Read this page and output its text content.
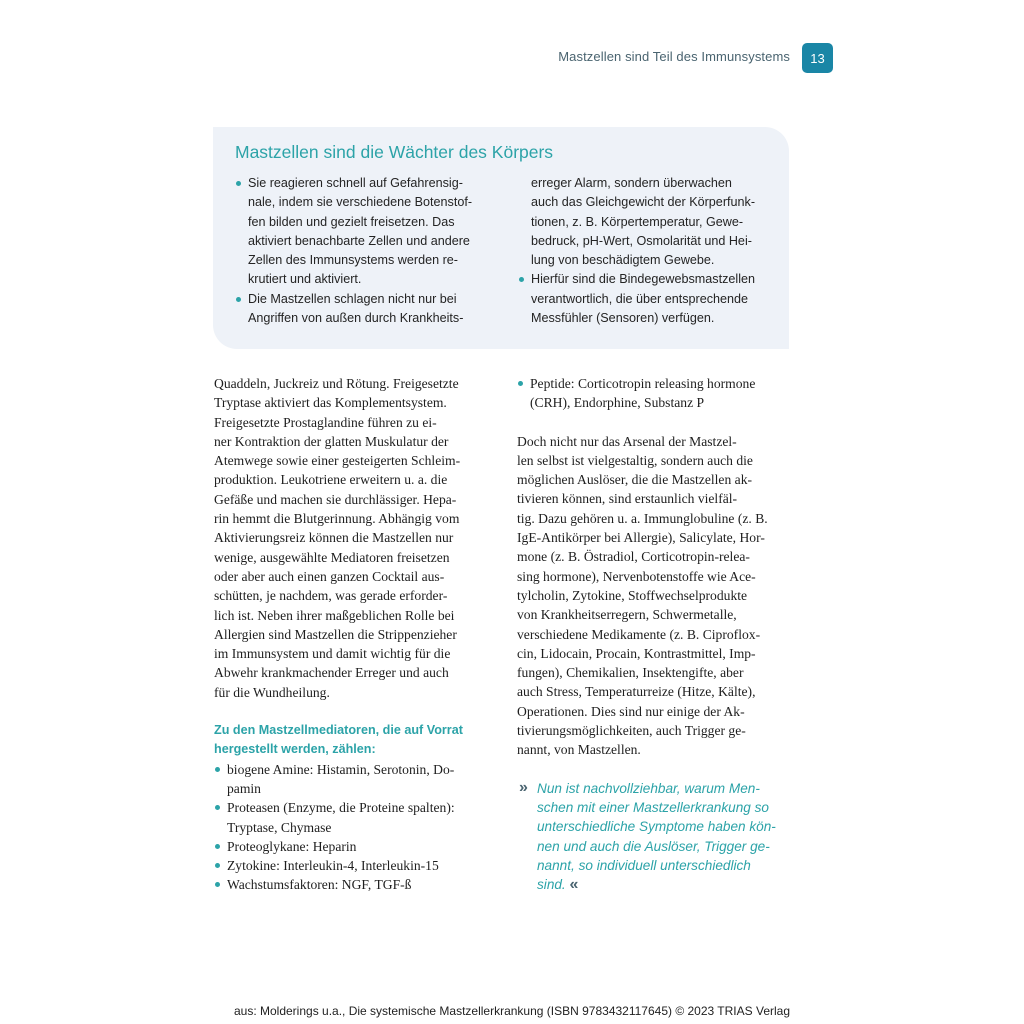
Mastzellen sind Teil des Immunsystems	13
Mastzellen sind die Wächter des Körpers
Sie reagieren schnell auf Gefahrensig-
nale, indem sie verschiedene Botenstof-
fen bilden und gezielt freisetzen. Das
aktiviert benachbarte Zellen und andere
Zellen des Immunsystems werden re-
krutiert und aktiviert.
Die Mastzellen schlagen nicht nur bei
Angriffen von außen durch Krankheits-
erreger Alarm, sondern überwachen
auch das Gleichgewicht der Körperfunk-
tionen, z. B. Körpertemperatur, Gewe-
bedruck, pH-Wert, Osmolarität und Hei-
lung von beschädigtem Gewebe.
Hierfür sind die Bindegewebsmastzellen
verantwortlich, die über entsprechende
Messfühler (Sensoren) verfügen.

Quaddeln, Juckreiz und Rötung. Freigesetzte
Tryptase aktiviert das Komplementsystem.
Freigesetzte Prostaglandine führen zu ei-
ner Kontraktion der glatten Muskulatur der
Atemwege sowie einer gesteigerten Schleim-
produktion. Leukotriene erweitern u. a. die
Gefäße und machen sie durchlässiger. Hepa-
rin hemmt die Blutgerinnung. Abhängig vom
Aktivierungsreiz können die Mastzellen nur
wenige, ausgewählte Mediatoren freisetzen
oder aber auch einen ganzen Cocktail aus-
schütten, je nachdem, was gerade erforder-
lich ist. Neben ihrer maßgeblichen Rolle bei
Allergien sind Mastzellen die Strippenzieher
im Immunsystem und damit wichtig für die
Abwehr krankmachender Erreger und auch
für die Wundheilung.

Zu den Mastzellmediatoren, die auf Vorrat
hergestellt werden, zählen:
biogene Amine: Histamin, Serotonin, Do-
pamin
Proteasen (Enzyme, die Proteine spalten):
Tryptase, Chymase
Proteoglykane: Heparin
Zytokine: Interleukin-4, Interleukin-15
Wachstumsfaktoren: NGF, TGF-ß
Peptide: Corticotropin releasing hormone
(CRH), Endorphine, Substanz P

Doch nicht nur das Arsenal der Mastzel-
len selbst ist vielgestaltig, sondern auch die
möglichen Auslöser, die die Mastzellen ak-
tivieren können, sind erstaunlich vielfäl-
tig. Dazu gehören u. a. Immunglobuline (z. B.
IgE-Antikörper bei Allergie), Salicylate, Hor-
mone (z. B. Östradiol, Corticotropin-relea-
sing hormone), Nervenbotenstoffe wie Ace-
tylcholin, Zytokine, Stoffwechselprodukte
von Krankheitserregern, Schwermetalle,
verschiedene Medikamente (z. B. Ciproflox-
cin, Lidocain, Procain, Kontrastmittel, Imp-
fungen), Chemikalien, Insektengifte, aber
auch Stress, Temperaturreize (Hitze, Kälte),
Operationen. Dies sind nur einige der Ak-
tivierungsmöglichkeiten, auch Trigger ge-
nannt, von Mastzellen.

» Nun ist nachvollziehbar, warum Men-
schen mit einer Mastzellerkrankung so
unterschiedliche Symptome haben kön-
nen und auch die Auslöser, Trigger ge-
nannt, so individuell unterschiedlich
sind. «
aus: Molderings u.a., Die systemische Mastzellerkrankung (ISBN 9783432117645) © 2023 TRIAS Verlag
